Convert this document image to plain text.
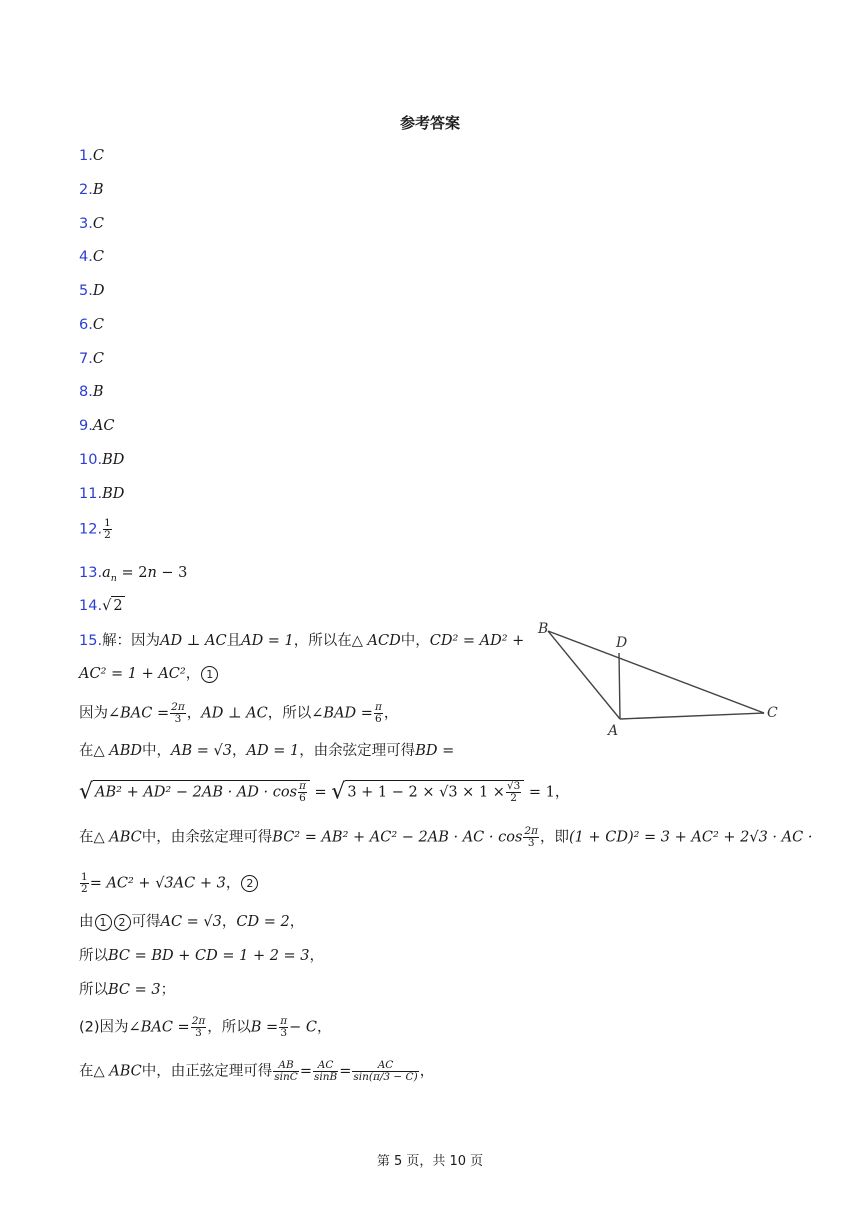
参考答案
1.C
2.B
3.C
4.C
5.D
6.C
7.C
8.B
9.AC
10.BD
11.BD
12. $\frac{1}{2}$
$13.a_n = 2n - 3$
14.√ 2
15.解：因为AD ⊥ AC且AD = 1，所以在△ ACD中，CD² = AD² +
AC² = 1 + AC²， 1
因为∠BAC = $\frac{2\pi}{3}$ ，AD ⊥ AC，所以∠BAD = $\frac{\pi}{6}$ ，
在△ ABD中，AB = √3，AD = 1，由余弦定理可得BD =
√ AB² + AD² − 2AB · AD · $\cos \frac{\pi}{6}$ = √ $3 + 1 - 2 \times √3 \times 1 \times \frac{√3}{2} = 1$，
在△ ABC中，由余弦定理可得BC² = AB² + AC² − 2AB · AC · $\cos \frac{2\pi}{3}$ ，即(1 + CD)² = 3 + AC² + 2√3 · AC ·
$\frac{1}{2} = AC^2 + √3AC + 3$， 2
由 1 2 可得AC = √3，CD = 2，
所以BC = BD + CD = 1 + 2 = 3，
所以BC = 3；
(2)因为∠BAC = $\frac{2\pi}{3}$ ，所以$B = \frac{\pi}{3} - C$，
在△ ABC中，由正弦定理可得 $\frac{AB}{\sin C} = \frac{AC}{\sin B} = \frac{AC}{\sin(\pi/3 - C)}$ ，
B
D
A
C
第 5 页，共 10 页
